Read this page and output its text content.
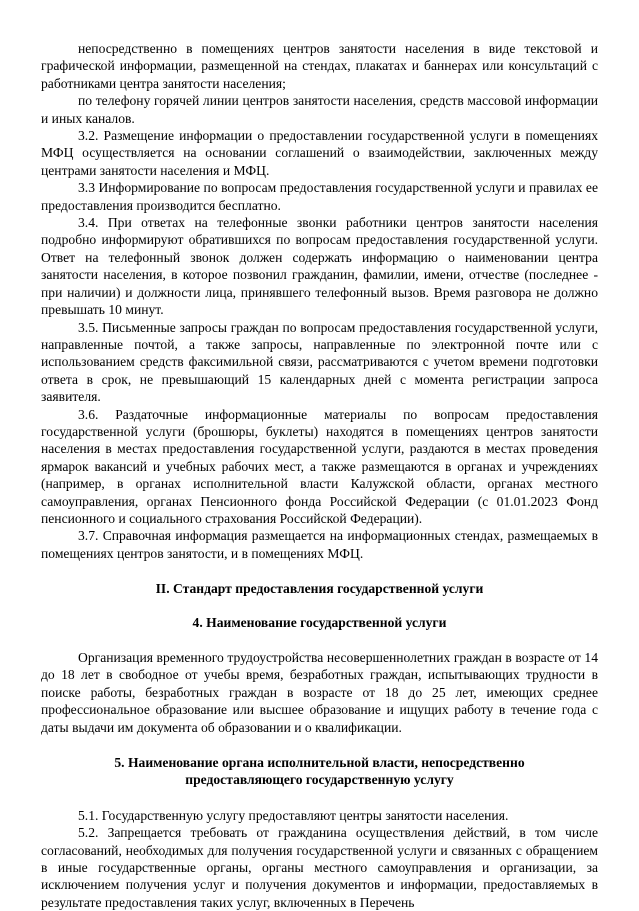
непосредственно в помещениях центров занятости населения в виде текстовой и графической информации, размещенной на стендах, плакатах и баннерах или консультаций с работниками центра занятости населения;

по телефону горячей линии центров занятости населения, средств массовой информации и иных каналов.

3.2. Размещение информации о предоставлении государственной услуги в помещениях МФЦ осуществляется на основании соглашений о взаимодействии, заключенных между центрами занятости населения и МФЦ.

3.3 Информирование по вопросам предоставления государственной услуги и правилах ее предоставления производится бесплатно.

3.4. При ответах на телефонные звонки работники центров занятости населения подробно информируют обратившихся по вопросам предоставления государственной услуги. Ответ на телефонный звонок должен содержать информацию о наименовании центра занятости населения, в которое позвонил гражданин, фамилии, имени, отчестве (последнее - при наличии) и должности лица, принявшего телефонный вызов. Время разговора не должно превышать 10 минут.

3.5. Письменные запросы граждан по вопросам предоставления государственной услуги, направленные почтой, а также запросы, направленные по электронной почте или с использованием средств факсимильной связи, рассматриваются с учетом времени подготовки ответа в срок, не превышающий 15 календарных дней с момента регистрации запроса заявителя.

3.6. Раздаточные информационные материалы по вопросам предоставления государственной услуги (брошюры, буклеты) находятся в помещениях центров занятости населения в местах предоставления государственной услуги, раздаются в местах проведения ярмарок вакансий и учебных рабочих мест, а также размещаются в органах и учреждениях (например, в органах исполнительной власти Калужской области, органах местного самоуправления, органах Пенсионного фонда Российской Федерации (с 01.01.2023 Фонд пенсионного и социального страхования Российской Федерации).

3.7. Справочная информация размещается на информационных стендах, размещаемых в помещениях центров занятости, и в помещениях МФЦ.

II. Стандарт предоставления государственной услуги
4. Наименование государственной услуги

Организация временного трудоустройства несовершеннолетних граждан в возрасте от 14 до 18 лет в свободное от учебы время, безработных граждан, испытывающих трудности в поиске работы, безработных граждан в возрасте от 18 до 25 лет, имеющих среднее профессиональное образование или высшее образование и ищущих работу в течение года с даты выдачи им документа об образовании и о квалификации.

5. Наименование органа исполнительной власти, непосредственно
предоставляющего государственную услугу

5.1. Государственную услугу предоставляют центры занятости населения.

5.2. Запрещается требовать от гражданина осуществления действий, в том числе согласований, необходимых для получения государственной услуги и связанных с обращением в иные государственные органы, органы местного самоуправления и организации, за исключением получения услуг и получения документов и информации, предоставляемых в результате предоставления таких услуг, включенных в Перечень
